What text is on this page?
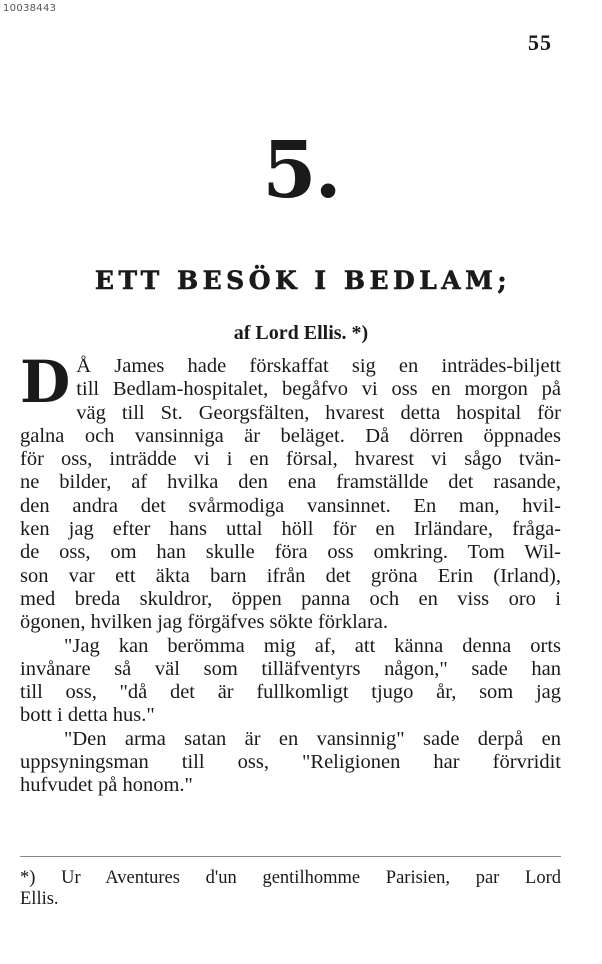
10038443
55
5.
ETT BESÖK I BEDLAM;
af Lord Ellis. *)

D Å James hade förskaffat sig en inträdes-biljett
till Bedlam-hospitalet, begåfvo vi oss en morgon på
väg till St. Georgsfälten, hvarest detta hospital för
galna och vansinniga är beläget. Då dörren öppnades
för oss, inträdde vi i en försal, hvarest vi sågo tvän-
ne bilder, af hvilka den ena framställde det rasande,
den andra det svårmodiga vansinnet. En man, hvil-
ken jag efter hans uttal höll för en Irländare, fråga-
de oss, om han skulle föra oss omkring. Tom Wil-
son var ett äkta barn ifrån det gröna Erin (Irland),
med breda skuldror, öppen panna och en viss oro i
ögonen, hvilken jag förgäfves sökte förklara.

"Jag kan berömma mig af, att känna denna orts
invånare så väl som tilläfventyrs någon," sade han
till oss, "då det är fullkomligt tjugo år, som jag
bott i detta hus."

"Den arma satan är en vansinnig" sade derpå en
uppsyningsman till oss, "Religionen har förvridit
hufvudet på honom."

*) Ur Aventures d'un gentilhomme Parisien, par Lord
Ellis.
